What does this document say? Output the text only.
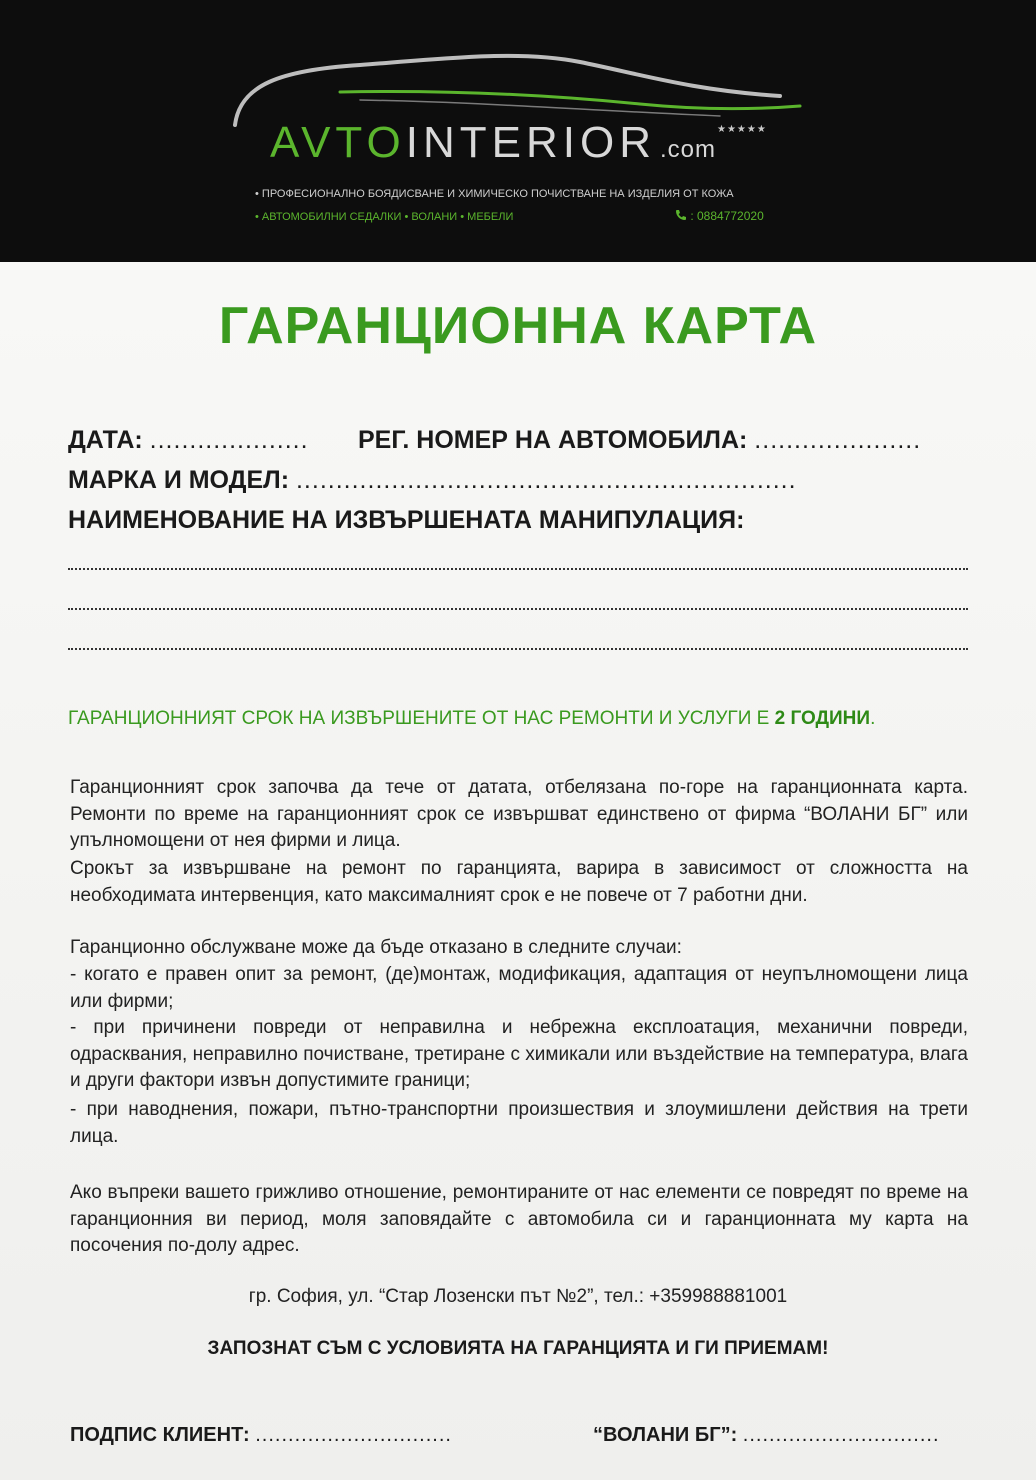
AVTOINTERIOR .com
★★★★★
• ПРОФЕСИОНАЛНО БОЯДИСВАНЕ И ХИМИЧЕСКО ПОЧИСТВАНЕ НА ИЗДЕЛИЯ ОТ КОЖА
• АВТОМОБИЛНИ СЕДАЛКИ • ВОЛАНИ • МЕБЕЛИ	: 0884772020
ГАРАНЦИОННА КАРТА
ДАТА: .................... РЕГ. НОМЕР НА АВТОМОБИЛА: .....................
МАРКА И МОДЕЛ: ...............................................................
НАИМЕНОВАНИЕ НА ИЗВЪРШЕНАТА МАНИПУЛАЦИЯ:
ГАРАНЦИОННИЯТ СРОК НА ИЗВЪРШЕНИТЕ ОТ НАС РЕМОНТИ И УСЛУГИ Е 2 ГОДИНИ.
Гаранционният срок започва да тече от датата, отбелязана по-горе на гаранционната карта. Ремонти по време на гаранционният срок се извършват единствено от фирма “ВОЛАНИ БГ” или упълномощени от нея фирми и лица.
Срокът за извършване на ремонт по гаранцията, варира в зависимост от сложността на необходимата интервенция, като максималният срок е не повече от 7 работни дни.
Гаранционно обслужване може да бъде отказано в следните случаи:
- когато е правен опит за ремонт, (де)монтаж, модификация, адаптация от неупълномощени лица или фирми;
- при причинени повреди от неправилна и небрежна експлоатация, механични повреди, одрасквания, неправилно почистване, третиране с химикали или въздействие на температура, влага и други фактори извън допустимите граници;
- при наводнения, пожари, пътно-транспортни произшествия и злоумишлени действия на трети лица.
Ако въпреки вашето грижливо отношение, ремонтираните от нас елементи се повредят по време на гаранционния ви период, моля заповядайте с автомобила си и гаранционната му карта на посочения по-долу адрес.
гр. София, ул. “Стар Лозенски път №2”, тел.: +359988881001
ЗАПОЗНАТ СЪМ С УСЛОВИЯТА НА ГАРАНЦИЯТА И ГИ ПРИЕМАМ!
ПОДПИС КЛИЕНТ: ..............................	“ВОЛАНИ БГ”: ..............................
